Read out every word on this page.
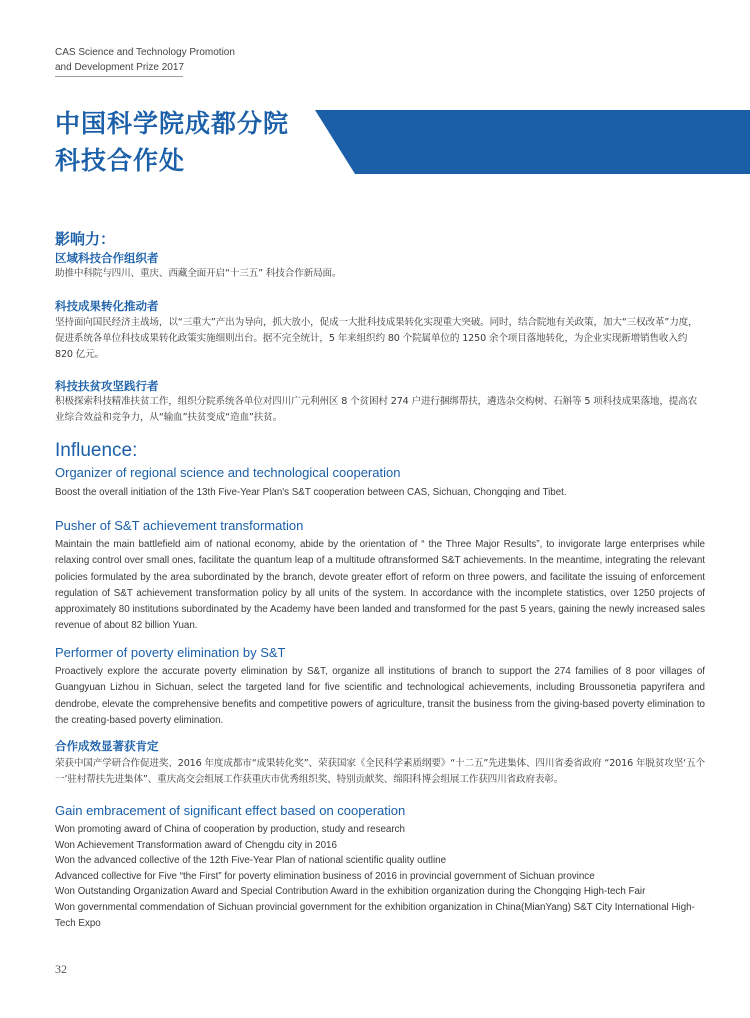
CAS Science and Technology Promotion
and Development Prize 2017
中国科学院成都分院
科技合作处
影响力：
区域科技合作组织者
助推中科院与四川、重庆、西藏全面开启“十三五” 科技合作新局面。
科技成果转化推动者
坚持面向国民经济主战场，以“三重大”产出为导向，抓大放小，促成一大批科技成果转化实现重大突破。同时，结合院地有关政策，加大“三权改革”力度，促进系统各单位科技成果转化政策实施细则出台。据不完全统计，5 年来组织约 80 个院属单位的 1250 余个项目落地转化，为企业实现新增销售收入约 820 亿元。
科技扶贫攻坚践行者
积极探索科技精准扶贫工作，组织分院系统各单位对四川广元利州区 8 个贫困村 274 户进行捆绑帮扶，遴选杂交构树、石斛等 5 项科技成果落地，提高农业综合效益和竞争力，从“输血”扶贫变成“造血”扶贫。
Influence:
Organizer of regional science and technological cooperation
Boost the overall initiation of the 13th Five-Year Plan's S&T cooperation between CAS, Sichuan, Chongqing and Tibet.
Pusher of S&T achievement transformation
Maintain the main battlefield aim of national economy, abide by the orientation of “ the Three Major Results”, to invigorate large enterprises while relaxing control over small ones, facilitate the quantum leap of a multitude oftransformed S&T achievements. In the meantime, integrating the relevant policies formulated by the area subordinated by the branch, devote greater effort of reform on three powers, and facilitate the issuing of enforcement regulation of S&T achievement transformation policy by all units of the system. In accordance with the incomplete statistics, over 1250 projects of approximately 80 institutions subordinated by the Academy have been landed and transformed for the past 5 years, gaining the newly increased sales revenue of about 82 billion Yuan.
Performer of poverty elimination by S&T
Proactively explore the accurate poverty elimination by S&T, organize all institutions of branch to support the 274 families of 8 poor villages of Guangyuan Lizhou in Sichuan, select the targeted land for five scientific and technological achievements, including Broussonetia papyrifera and dendrobe, elevate the comprehensive benefits and competitive powers of agriculture, transit the business from the giving-based poverty elimination to the creating-based poverty elimination.
合作成效显著获肯定
荣获中国产学研合作促进奖、2016 年度成都市“成果转化奖”、荣获国家《全民科学素质纲要》“十二五”先进集体、四川省委省政府 “2016 年脱贫攻坚‘五个一’驻村帮扶先进集体”、重庆高交会组展工作获重庆市优秀组织奖、特别贡献奖、绵阳科博会组展工作获四川省政府表彰。
Gain embracement of significant effect based on cooperation
Won promoting award of China of cooperation by production, study and research
Won Achievement Transformation award of Chengdu city in 2016
Won the advanced collective of the 12th Five-Year Plan of national scientific quality outline
Advanced collective for Five “the First” for poverty elimination business of 2016 in provincial government of Sichuan province
Won Outstanding Organization Award and Special Contribution Award in the exhibition organization during the Chongqing High-tech Fair
Won governmental commendation of Sichuan provincial government for the exhibition organization in China(MianYang) S&T City International High-Tech Expo
32
